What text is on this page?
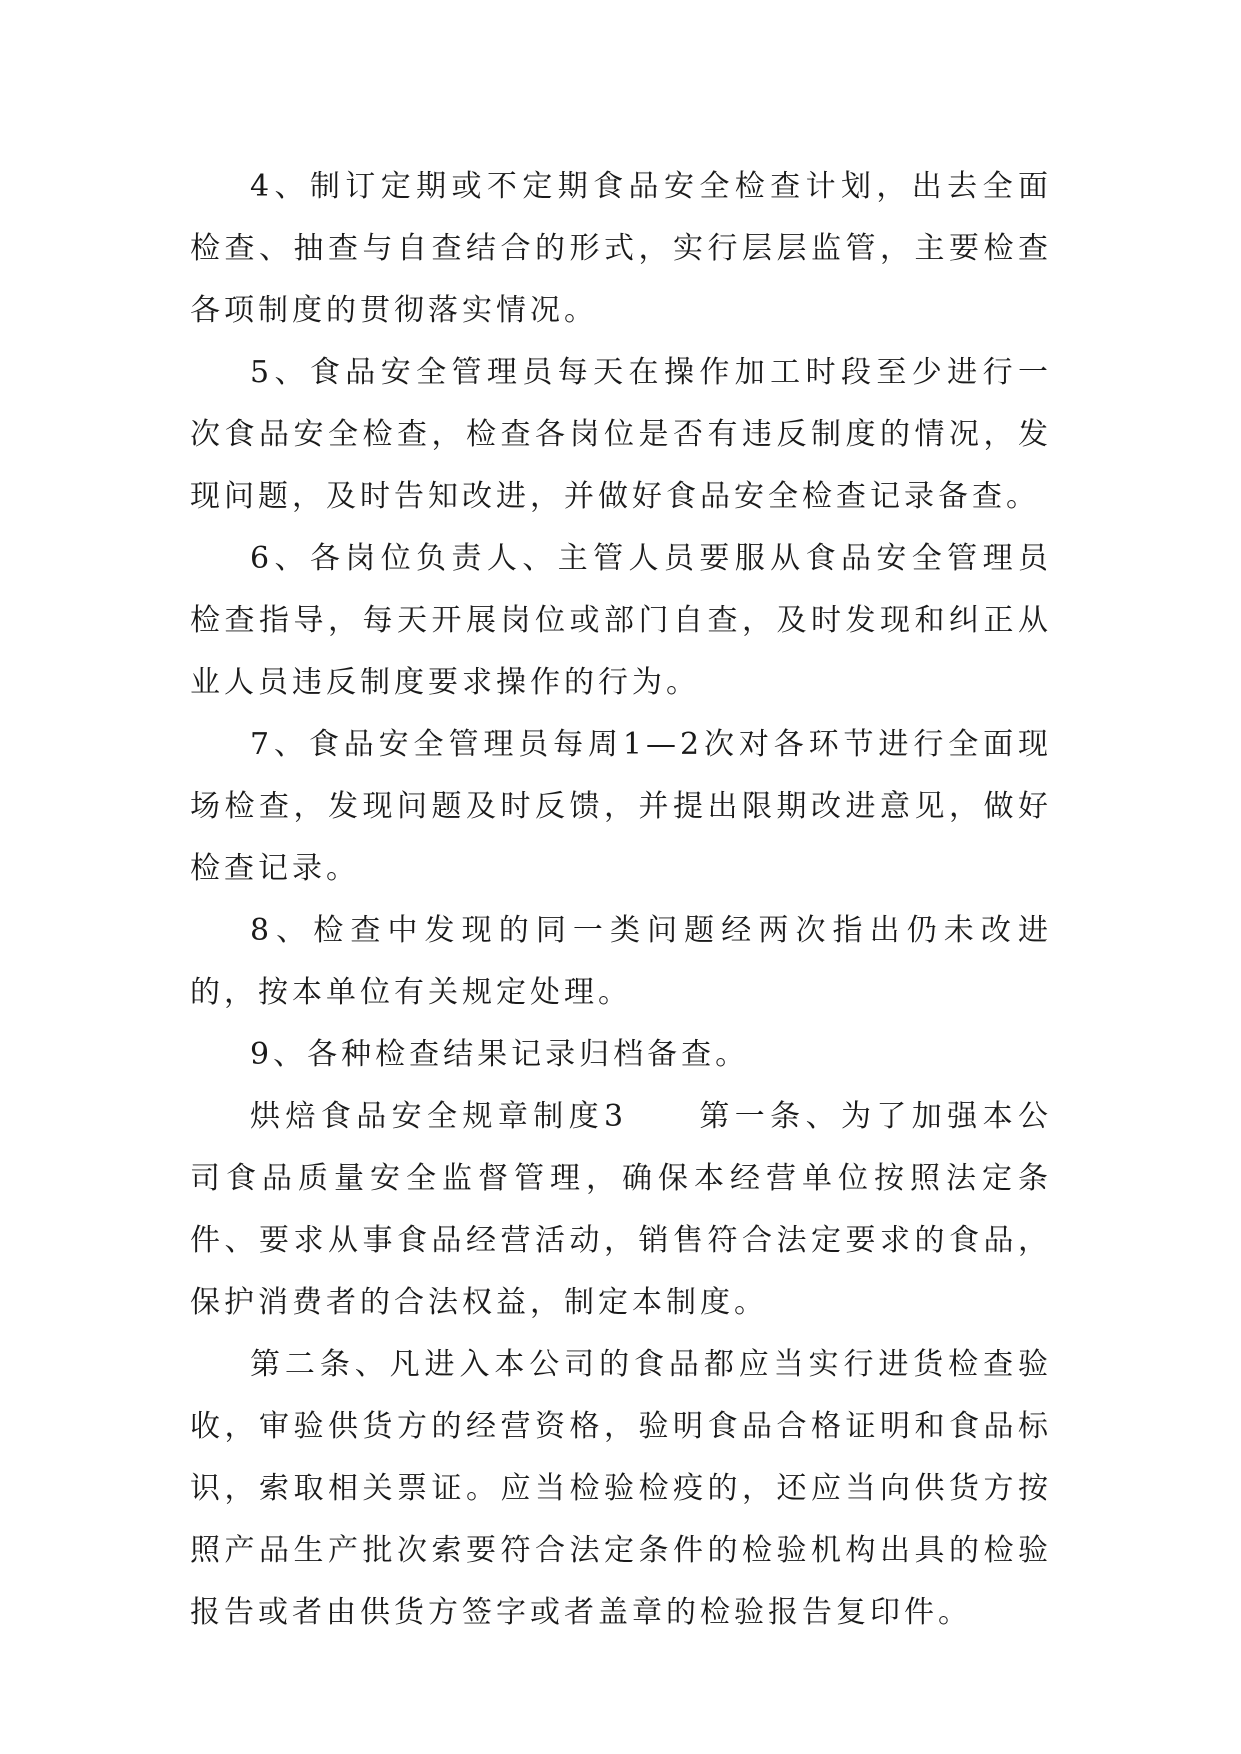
4、制订定期或不定期食品安全检查计划，出去全面检查、抽查与自查结合的形式，实行层层监管，主要检查各项制度的贯彻落实情况。

5、食品安全管理员每天在操作加工时段至少进行一次食品安全检查，检查各岗位是否有违反制度的情况，发现问题，及时告知改进，并做好食品安全检查记录备查。

6、各岗位负责人、主管人员要服从食品安全管理员检查指导，每天开展岗位或部门自查，及时发现和纠正从业人员违反制度要求操作的行为。

7、食品安全管理员每周1—2次对各环节进行全面现场检查，发现问题及时反馈，并提出限期改进意见，做好检查记录。

8、检查中发现的同一类问题经两次指出仍未改进的，按本单位有关规定处理。

9、各种检查结果记录归档备查。

烘焙食品安全规章制度3　　第一条、为了加强本公司食品质量安全监督管理，确保本经营单位按照法定条件、要求从事食品经营活动，销售符合法定要求的食品，保护消费者的合法权益，制定本制度。

第二条、凡进入本公司的食品都应当实行进货检查验收，审验供货方的经营资格，验明食品合格证明和食品标识，索取相关票证。应当检验检疫的，还应当向供货方按照产品生产批次索要符合法定条件的检验机构出具的检验报告或者由供货方签字或者盖章的检验报告复印件。
